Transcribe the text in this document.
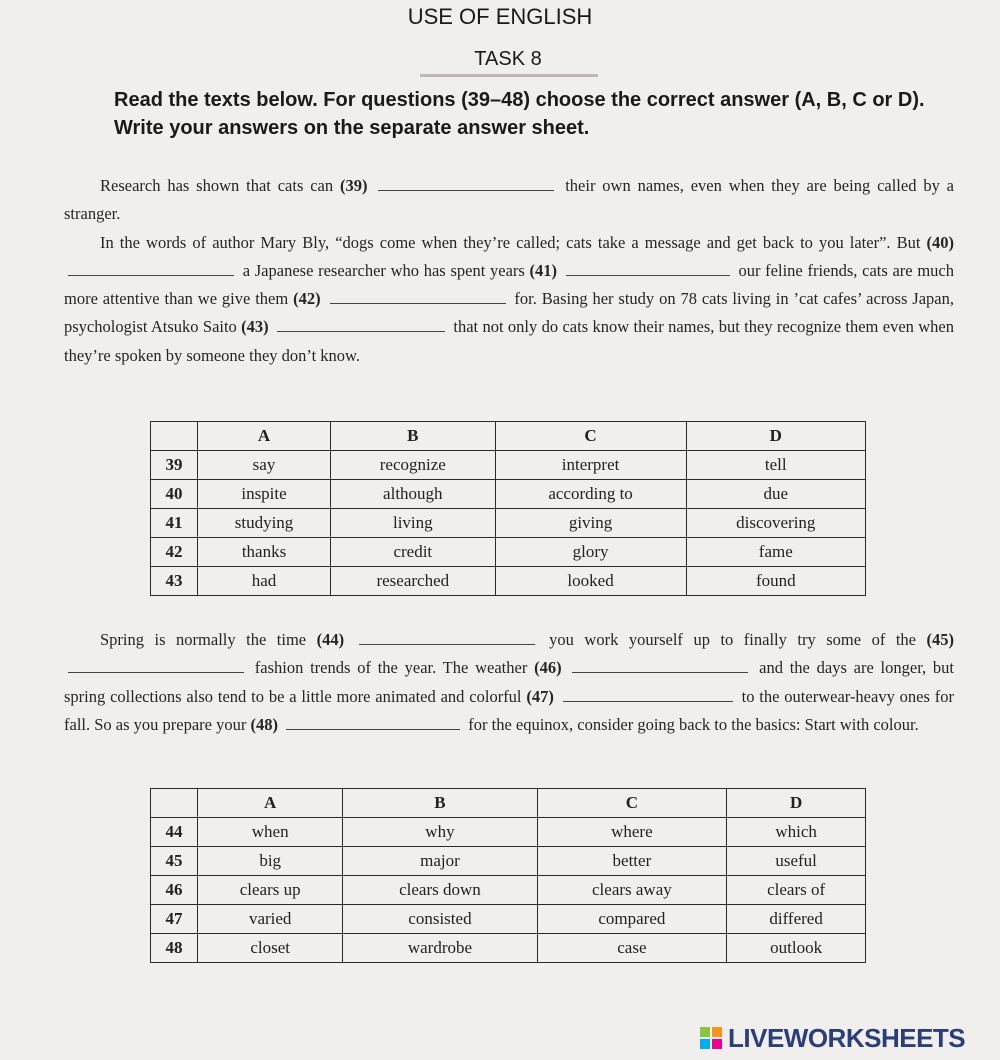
USE OF ENGLISH
TASK 8
Read the texts below. For questions (39–48) choose the correct answer (A, B, C or D). Write your answers on the separate answer sheet.

Research has shown that cats can (39)	their own names, even when they are being called by a stranger.

In the words of author Mary Bly, “dogs come when they’re called; cats take a message and get back to you later”. But (40)  a Japanese researcher who has spent years (41)	our feline friends, cats are much more attentive than we give them (42)	for. Basing her study on 78 cats living in ’cat cafes’ across Japan, psychologist Atsuko Saito (43)	that not only do cats know their names, but they recognize them even when they’re spoken by someone they don’t know.

	A	B	C	D
39	say	recognize	interpret	tell
40	inspite	although	according to	due
41	studying	living	giving	discovering
42	thanks	credit	glory	fame
43	had	researched	looked	found

Spring is normally the time (44)	you work yourself up to finally try some of the (45)  fashion trends of the year. The weather (46)	and the days are longer, but spring collections also tend to be a little more animated and colorful (47)	to the outerwear-heavy ones for fall. So as you prepare your (48)	for the equinox, consider going back to the basics: Start with colour.

	A	B	C	D
44	when	why	where	which
45	big	major	better	useful
46	clears up	clears down	clears away	clears of
47	varied	consisted	compared	differed
48	closet	wardrobe	case	outlook
LIVEWORKSHEETS
